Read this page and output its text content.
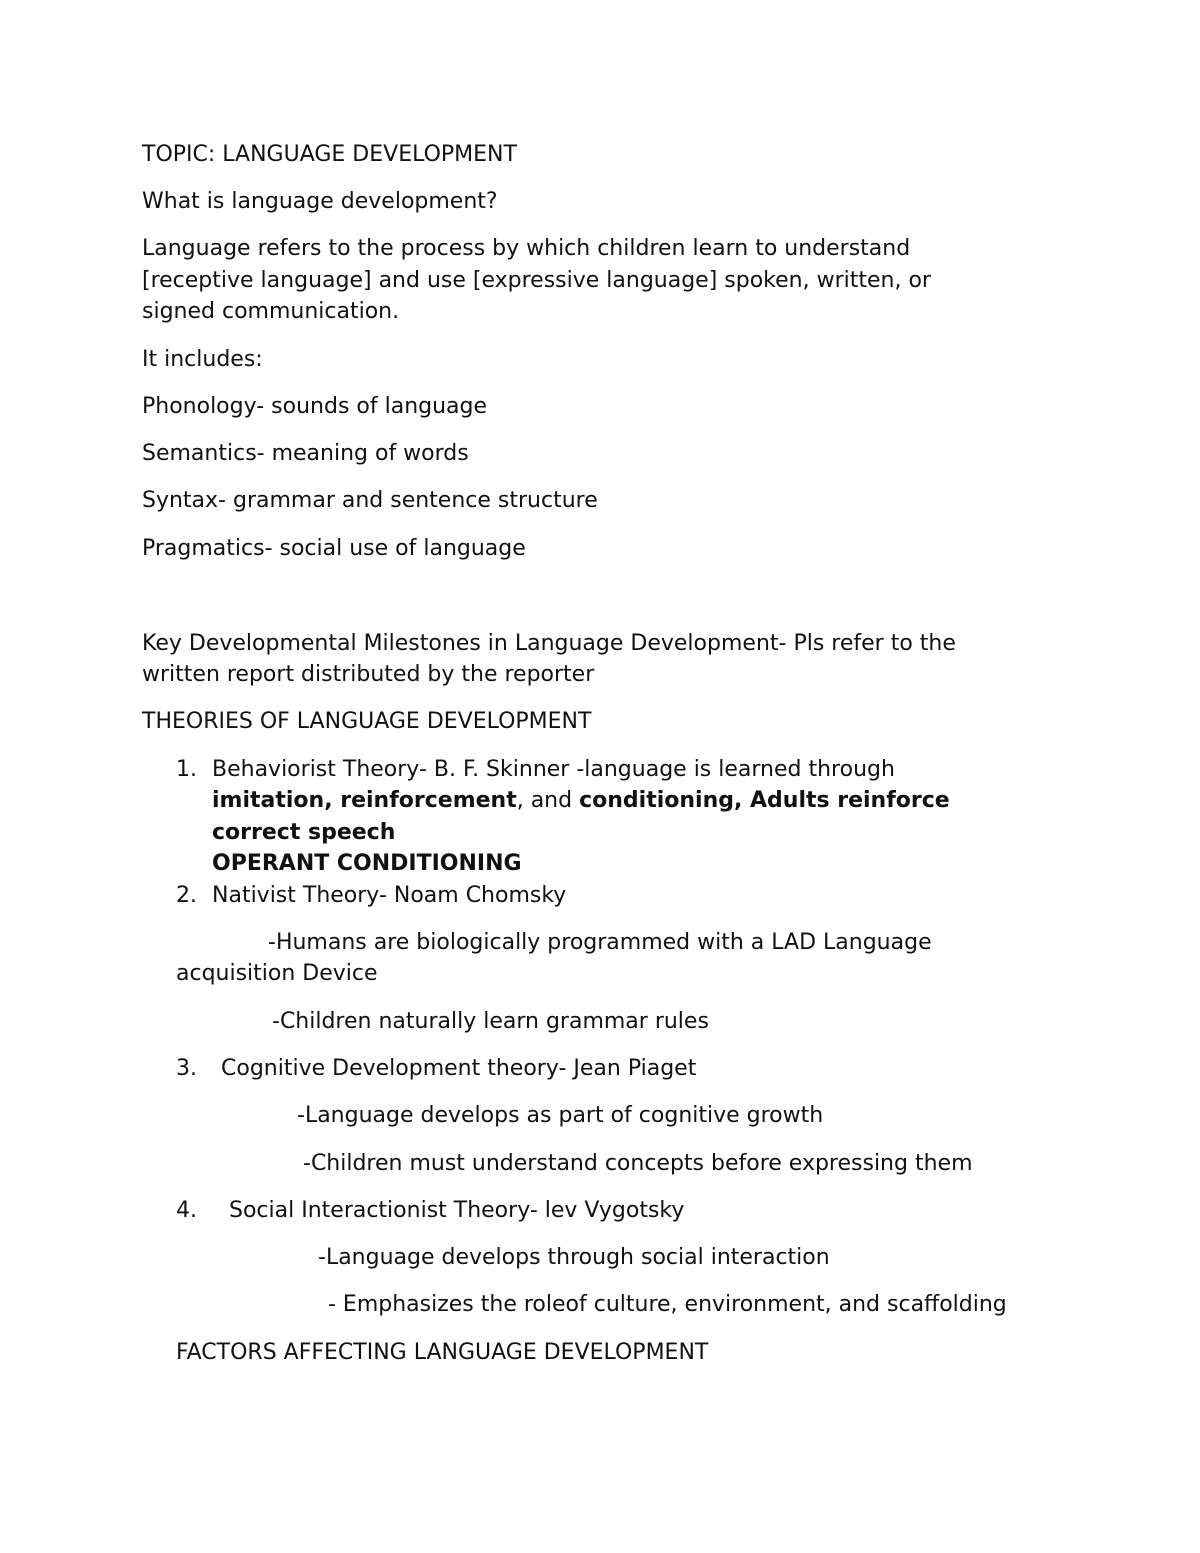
TOPIC: LANGUAGE DEVELOPMENT

What is language development?

Language refers to the process by which children learn to understand

[receptive language] and use [expressive language] spoken, written, or

signed communication.

It includes:

Phonology- sounds of language

Semantics- meaning of words

Syntax- grammar and sentence structure

Pragmatics- social use of language

Key Developmental Milestones in Language Development- Pls refer to the

written report distributed by the reporter

THEORIES OF LANGUAGE DEVELOPMENT

1. Behaviorist Theory- B. F. Skinner -language is learned through

imitation, reinforcement, and conditioning, Adults reinforce

correct speech

OPERANT CONDITIONING

2. Nativist Theory- Noam Chomsky

-Humans are biologically programmed with a LAD Language

acquisition Device

-Children naturally learn grammar rules

3. Cognitive Development theory- Jean Piaget

-Language develops as part of cognitive growth

-Children must understand concepts before expressing them

4. Social Interactionist Theory- lev Vygotsky

-Language develops through social interaction

- Emphasizes the roleof culture, environment, and scaffolding

FACTORS AFFECTING LANGUAGE DEVELOPMENT
